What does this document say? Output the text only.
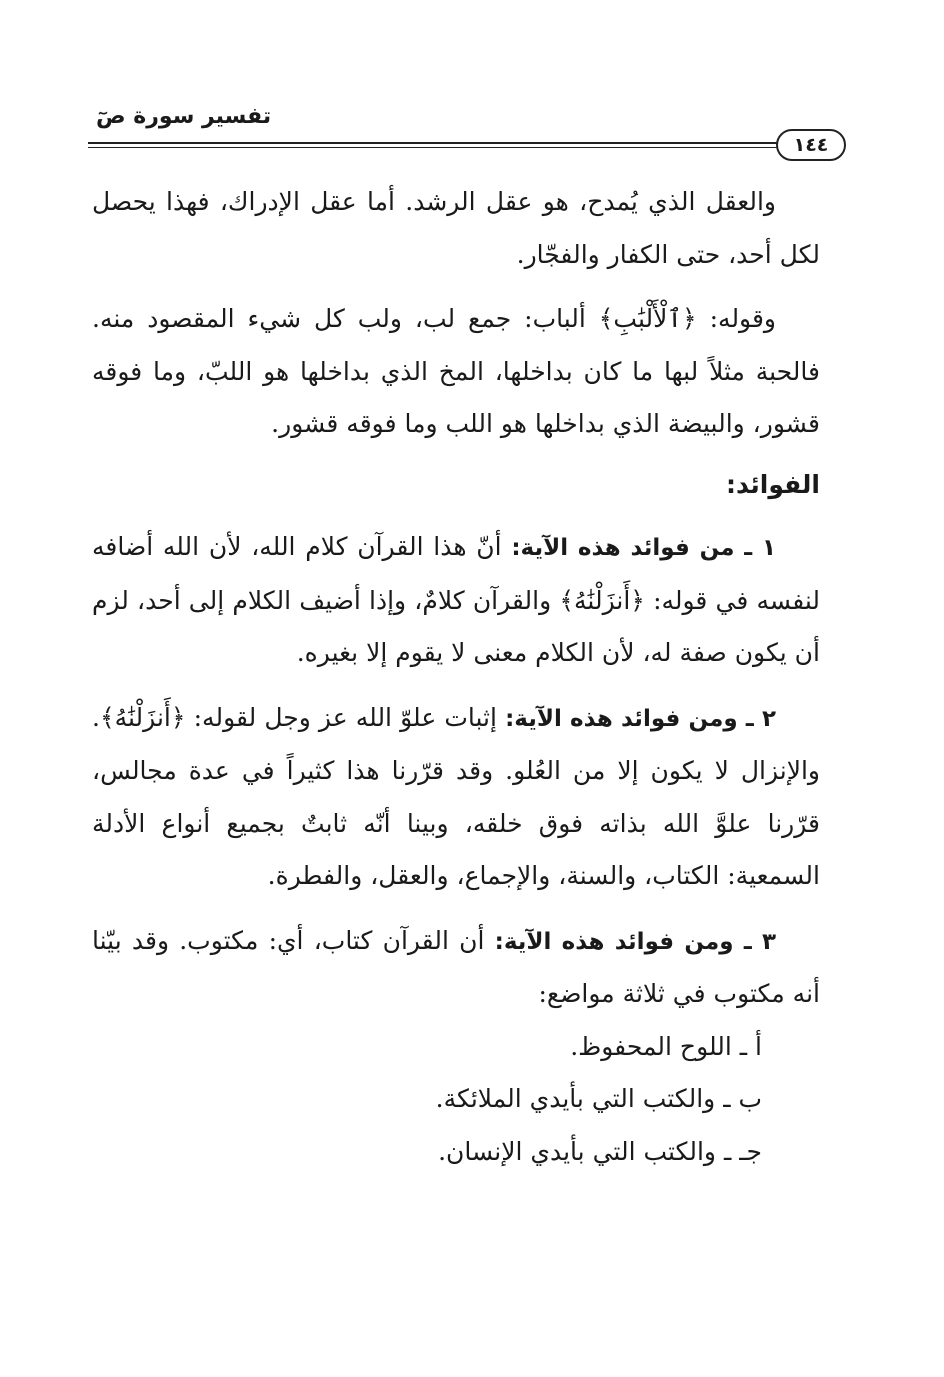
تفسير سورة صٓ
١٤٤

والعقل الذي يُمدح، هو عقل الرشد. أما عقل الإدراك، فهذا يحصل لكل أحد، حتى الكفار والفجّار.

وقوله: ﴿ٱلْأَلْبَٰبِ﴾ ألباب: جمع لب، ولب كل شيء المقصود منه. فالحبة مثلاً لبها ما كان بداخلها، المخ الذي بداخلها هو اللبّ، وما فوقه قشور، والبيضة الذي بداخلها هو اللب وما فوقه قشور.

الفوائد:

١ ـ من فوائد هذه الآية: أنّ هذا القرآن كلام الله، لأن الله أضافه لنفسه في قوله: ﴿أَنزَلْنَٰهُ﴾ والقرآن كلامٌ، وإذا أضيف الكلام إلى أحد، لزم أن يكون صفة له، لأن الكلام معنى لا يقوم إلا بغيره.

٢ ـ ومن فوائد هذه الآية: إثبات علوّ الله عز وجل لقوله: ﴿أَنزَلْنَٰهُ﴾. والإنزال لا يكون إلا من العُلو. وقد قرّرنا هذا كثيراً في عدة مجالس، قرّرنا علوَّ الله بذاته فوق خلقه، وبينا أنّه ثابتٌ بجميع أنواع الأدلة السمعية: الكتاب، والسنة، والإجماع، والعقل، والفطرة.

٣ ـ ومن فوائد هذه الآية: أن القرآن كتاب، أي: مكتوب. وقد بيّنا أنه مكتوب في ثلاثة مواضع:

أ ـ اللوح المحفوظ.

ب ـ والكتب التي بأيدي الملائكة.

جـ ـ والكتب التي بأيدي الإنسان.
